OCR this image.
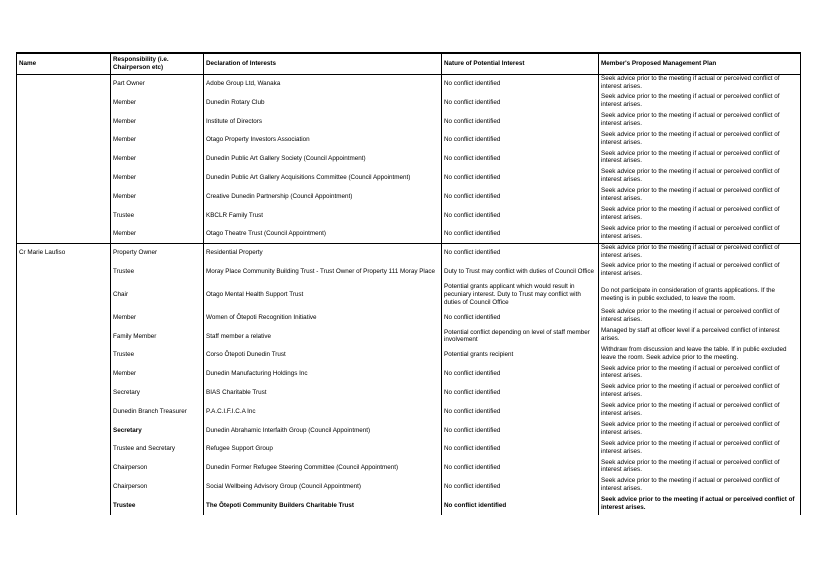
Name	Responsibility (i.e. Chairperson etc)	Declaration of Interests	Nature of Potential Interest	Member's Proposed Management Plan
	Part Owner	Adobe Group Ltd, Wanaka	No conflict identified	Seek advice prior to the meeting if actual or perceived conflict of interest arises.
	Member	Dunedin Rotary Club	No conflict identified	Seek advice prior to the meeting if actual or perceived conflict of interest arises.
	Member	Institute of Directors	No conflict identified	Seek advice prior to the meeting if actual or perceived conflict of interest arises.
	Member	Otago Property Investors Association	No conflict identified	Seek advice prior to the meeting if actual or perceived conflict of interest arises.
	Member	Dunedin Public Art Gallery Society (Council Appointment)	No conflict identified	Seek advice prior to the meeting if actual or perceived conflict of interest arises.
	Member	Dunedin Public Art Gallery Acquisitions Committee (Council Appointment)	No conflict identified	Seek advice prior to the meeting if actual or perceived conflict of interest arises.
	Member	Creative Dunedin Partnership (Council Appointment)	No conflict identified	Seek advice prior to the meeting if actual or perceived conflict of interest arises.
	Trustee	KBCLR Family Trust	No conflict identified	Seek advice prior to the meeting if actual or perceived conflict of interest arises.
	Member	Otago Theatre Trust (Council Appointment)	No conflict identified	Seek advice prior to the meeting if actual or perceived conflict of interest arises.
Cr Marie Laufiso	Property Owner	Residential Property	No conflict identified	Seek advice prior to the meeting if actual or perceived conflict of interest arises.
	Trustee	Moray Place Community Building Trust - Trust Owner of Property 111 Moray Place	Duty to Trust may conflict with duties of Council Office	Seek advice prior to the meeting if actual or perceived conflict of interest arises.
	Chair	Otago Mental Health Support Trust	Potential grants applicant which would result in pecuniary interest. Duty to Trust may conflict with duties of Council Office	Do not participate in consideration of grants applications. If the meeting is in public excluded, to leave the room.
	Member	Women of Ōtepoti Recognition Initiative	No conflict identified	Seek advice prior to the meeting if actual or perceived conflict of interest arises.
	Family Member	Staff member a relative	Potential conflict depending on level of staff member involvement	Managed by staff at officer level if a perceived conflict of interest arises.
	Trustee	Corso Ōtepoti Dunedin Trust	Potential grants recipient	Withdraw from discussion and leave the table. If in public excluded leave the room. Seek advice prior to the meeting.
	Member	Dunedin Manufacturing Holdings Inc	No conflict identified	Seek advice prior to the meeting if actual or perceived conflict of interest arises.
	Secretary	BIAS Charitable Trust	No conflict identified	Seek advice prior to the meeting if actual or perceived conflict of interest arises.
	Dunedin Branch Treasurer	P.A.C.I.F.I.C.A Inc	No conflict identified	Seek advice prior to the meeting if actual or perceived conflict of interest arises.
	Secretary	Dunedin Abrahamic Interfaith Group (Council Appointment)	No conflict identified	Seek advice prior to the meeting if actual or perceived conflict of interest arises.
	Trustee and Secretary	Refugee Support Group	No conflict identified	Seek advice prior to the meeting if actual or perceived conflict of interest arises.
	Chairperson	Dunedin Former Refugee Steering Committee (Council Appointment)	No conflict identified	Seek advice prior to the meeting if actual or perceived conflict of interest arises.
	Chairperson	Social Wellbeing Advisory Group (Council Appointment)	No conflict identified	Seek advice prior to the meeting if actual or perceived conflict of interest arises.
	Trustee	The Ōtepoti Community Builders Charitable Trust	No conflict identified	Seek advice prior to the meeting if actual or perceived conflict of interest arises.
